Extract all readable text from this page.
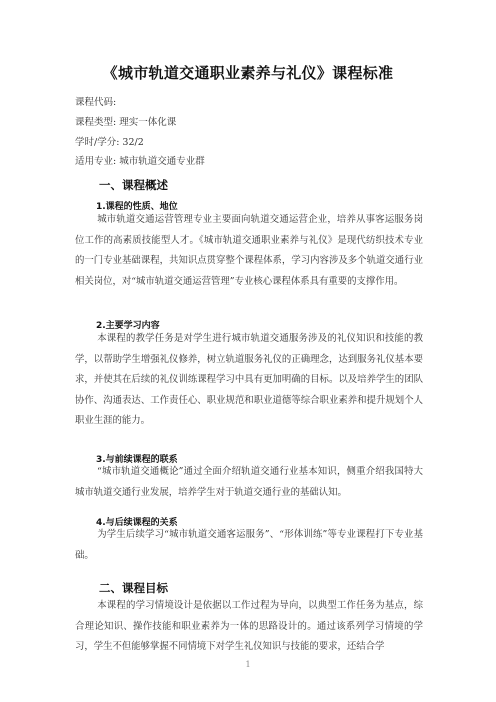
《城市轨道交通职业素养与礼仪》课程标准
课程代码:
课程类型: 理实一体化课
学时/学分: 32/2
适用专业: 城市轨道交通专业群
一、课程概述
1.课程的性质、地位

城市轨道交通运营管理专业主要面向轨道交通运营企业，培养从事客运服务岗位工作的高素质技能型人才。《城市轨道交通职业素养与礼仪》是现代纺织技术专业的一门专业基础课程，共知识点贯穿整个课程体系，学习内容涉及多个轨道交通行业相关岗位，对“城市轨道交通运营管理”专业核心课程体系具有重要的支撑作用。

2.主要学习内容

本课程的教学任务是对学生进行城市轨道交通服务涉及的礼仪知识和技能的教学，以帮助学生增强礼仪修养，树立轨道服务礼仪的正确理念，达到服务礼仪基本要求，并使其在后续的礼仪训练课程学习中具有更加明确的目标。以及培养学生的团队协作、沟通表达、工作责任心、职业规范和职业道德等综合职业素养和提升规划个人职业生涯的能力。

3.与前续课程的联系

“城市轨道交通概论”通过全面介绍轨道交通行业基本知识，侧重介绍我国特大城市轨道交通行业发展，培养学生对于轨道交通行业的基础认知。

4.与后续课程的关系

为学生后续学习“城市轨道交通客运服务”、“形体训练”等专业课程打下专业基础。

二、课程目标

本课程的学习情境设计是依据以工作过程为导向，以典型工作任务为基点，综合理论知识、操作技能和职业素养为一体的思路设计的。通过该系列学习情境的学习，学生不但能够掌握不同情境下对学生礼仪知识与技能的要求，还结合学

1
